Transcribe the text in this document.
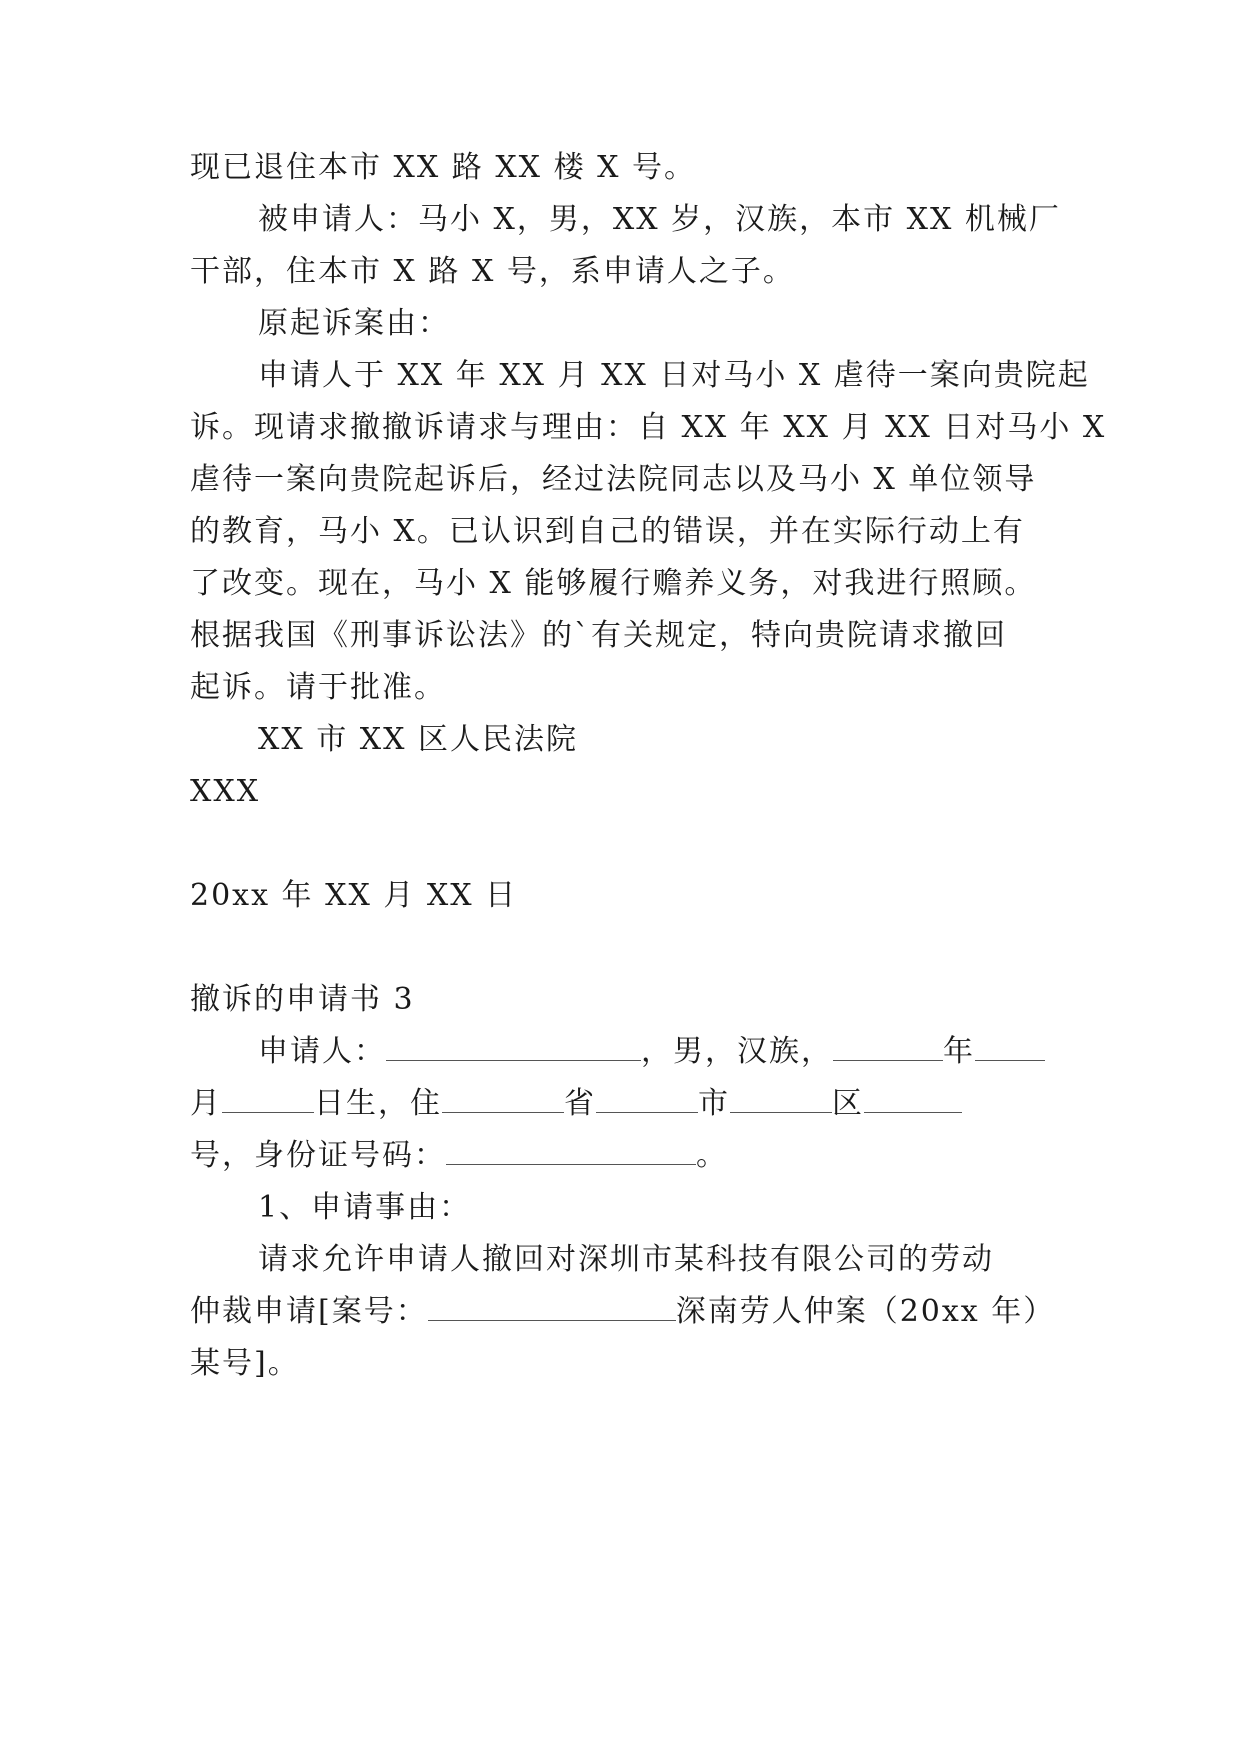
现已退住本市 XX 路 XX 楼 X 号。
被申请人：马小 X，男，XX 岁，汉族，本市 XX 机械厂
干部，住本市 X 路 X 号，系申请人之子。
原起诉案由：
申请人于 XX 年 XX 月 XX 日对马小 X 虐待一案向贵院起
诉。现请求撤撤诉请求与理由：自 XX 年 XX 月 XX 日对马小 X
虐待一案向贵院起诉后，经过法院同志以及马小 X 单位领导
的教育，马小 X。已认识到自己的错误，并在实际行动上有
了改变。现在，马小 X 能够履行赡养义务，对我进行照顾。
根据我国《刑事诉讼法》的`有关规定，特向贵院请求撤回
起诉。请于批准。
XX 市 XX 区人民法院
XXX
20xx 年 XX 月 XX 日
撤诉的申请书 3
申请人：	，男，汉族，	年
月	日生，住	省	市	区
号，身份证号码：	。
1、申请事由：
请求允许申请人撤回对深圳市某科技有限公司的劳动
仲裁申请[案号：	深南劳人仲案（20xx 年）
某号]。
